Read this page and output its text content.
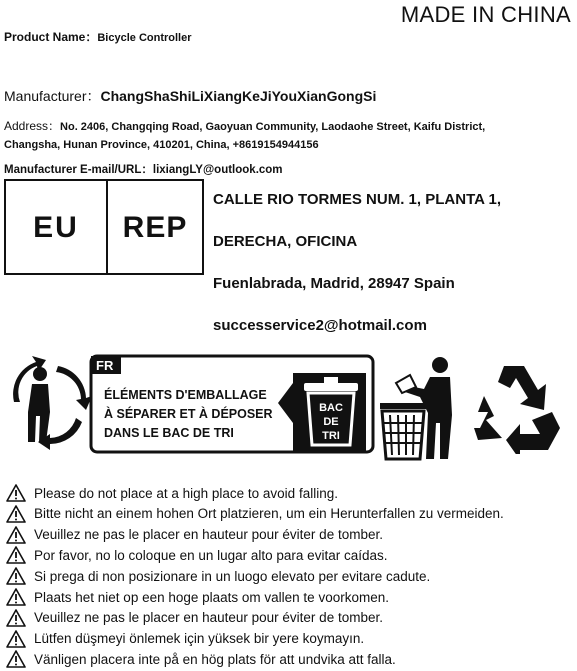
MADE IN CHINA
Product Name：Bicycle Controller
Manufacturer：ChangShaShiLiXiangKeJiYouXianGongSi
Address：No. 2406, Changqing Road, Gaoyuan Community, Laodaohe Street, Kaifu District,
Changsha, Hunan Province, 410201, China, +8619154944156
Manufacturer E-mail/URL：lixiangLY@outlook.com
EU	REP
CALLE RIO TORMES NUM. 1, PLANTA 1,
DERECHA, OFICINA
Fuenlabrada, Madrid, 28947 Spain
successervice2@hotmail.com
FR
ÉLÉMENTS D'EMBALLAGE
À SÉPARER ET À DÉPOSER
DANS LE BAC DE TRI
BAC
DE
TRI
Please do not place at a high place to avoid falling.
Bitte nicht an einem hohen Ort platzieren, um ein Herunterfallen zu vermeiden.
Veuillez ne pas le placer en hauteur pour éviter de tomber.
Por favor, no lo coloque en un lugar alto para evitar caídas.
Si prega di non posizionare in un luogo elevato per evitare cadute.
Plaats het niet op een hoge plaats om vallen te voorkomen.
Veuillez ne pas le placer en hauteur pour éviter de tomber.
Lütfen düşmeyi önlemek için yüksek bir yere koymayın.
Vänligen placera inte på en hög plats för att undvika att falla.
